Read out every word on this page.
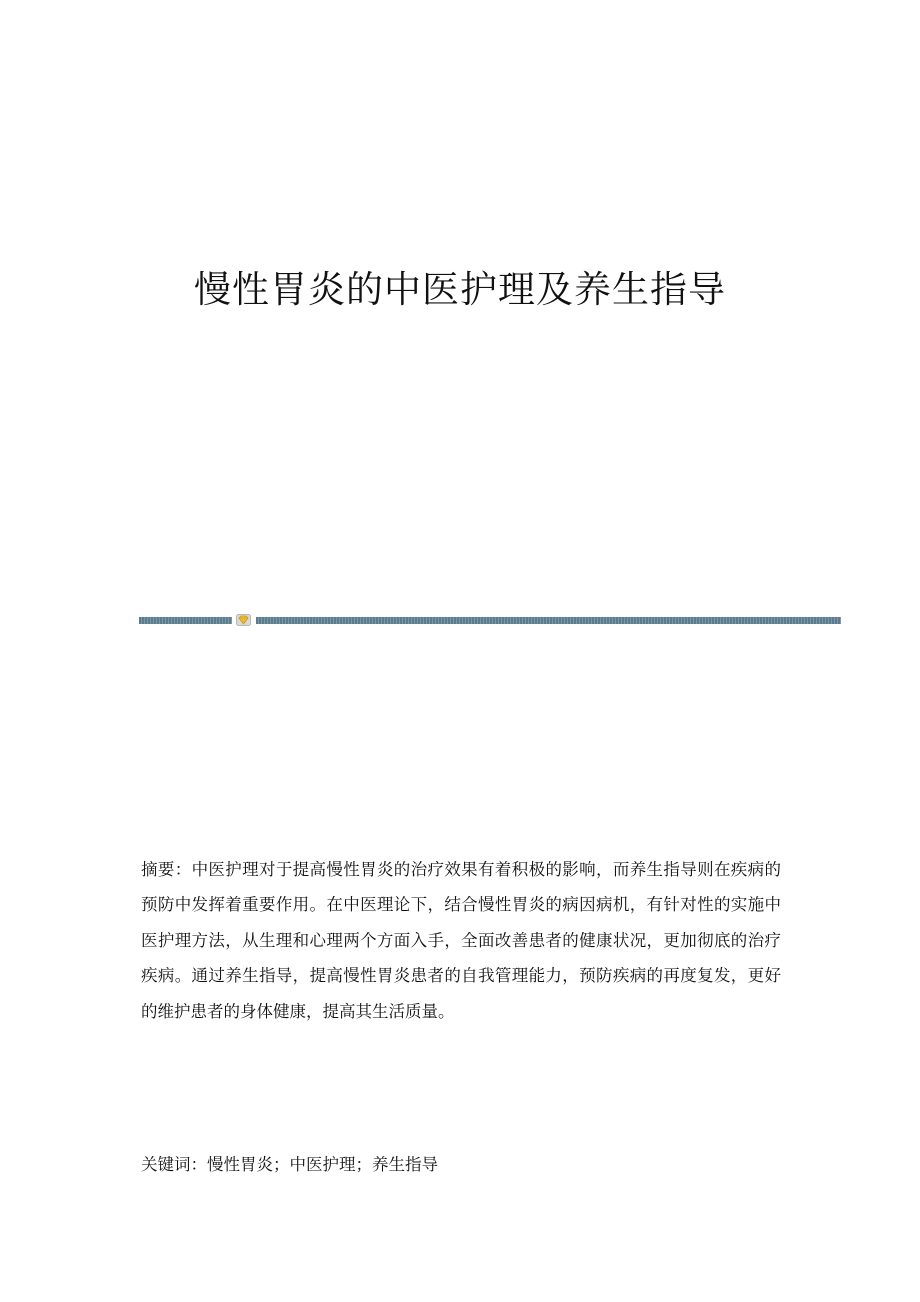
慢性胃炎的中医护理及养生指导

摘要：中医护理对于提高慢性胃炎的治疗效果有着积极的影响，而养生指导则在疾病的预防中发挥着重要作用。在中医理论下，结合慢性胃炎的病因病机，有针对性的实施中医护理方法，从生理和心理两个方面入手，全面改善患者的健康状况，更加彻底的治疗疾病。通过养生指导，提高慢性胃炎患者的自我管理能力，预防疾病的再度复发，更好的维护患者的身体健康，提高其生活质量。

关键词：慢性胃炎；中医护理；养生指导
